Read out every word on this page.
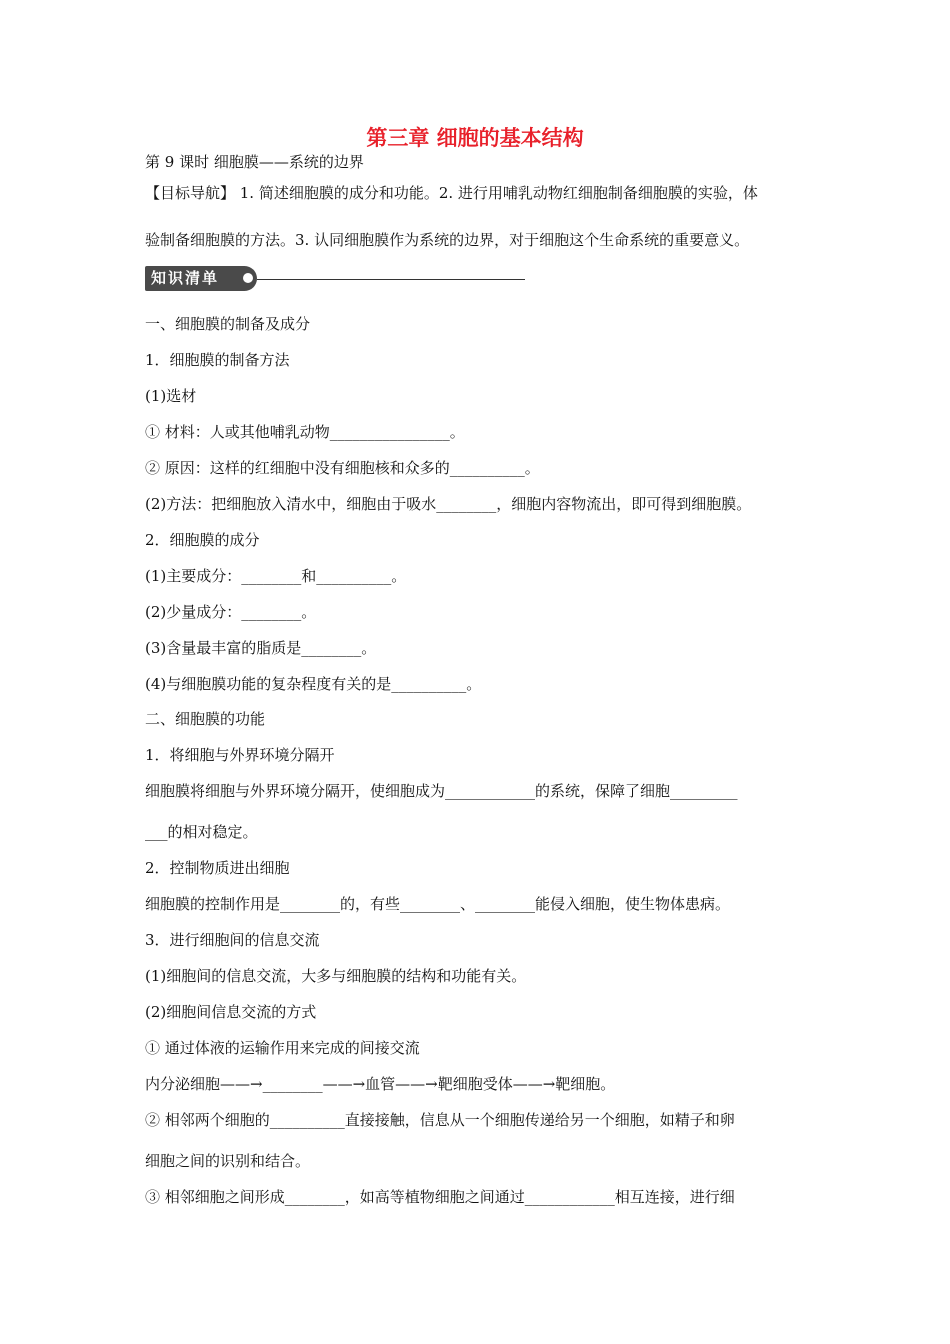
第三章 细胞的基本结构
第 9 课时 细胞膜——系统的边界
【目标导航】 1. 简述细胞膜的成分和功能。2. 进行用哺乳动物红细胞制备细胞膜的实验，体
验制备细胞膜的方法。3. 认同细胞膜作为系统的边界，对于细胞这个生命系统的重要意义。
知识清单
一、细胞膜的制备及成分
1．细胞膜的制备方法
(1)选材
① 材料：人或其他哺乳动物________________。
② 原因：这样的红细胞中没有细胞核和众多的__________。
(2)方法：把细胞放入清水中，细胞由于吸水________，细胞内容物流出，即可得到细胞膜。
2．细胞膜的成分
(1)主要成分：________和__________。
(2)少量成分：________。
(3)含量最丰富的脂质是________。
(4)与细胞膜功能的复杂程度有关的是__________。
二、细胞膜的功能
1．将细胞与外界环境分隔开
细胞膜将细胞与外界环境分隔开，使细胞成为____________的系统，保障了细胞_________
___的相对稳定。
2．控制物质进出细胞
细胞膜的控制作用是________的，有些________、________能侵入细胞，使生物体患病。
3．进行细胞间的信息交流
(1)细胞间的信息交流，大多与细胞膜的结构和功能有关。
(2)细胞间信息交流的方式
① 通过体液的运输作用来完成的间接交流
内分泌细胞——→________——→血管——→靶细胞受体——→靶细胞。
② 相邻两个细胞的__________直接接触，信息从一个细胞传递给另一个细胞，如精子和卵
细胞之间的识别和结合。
③ 相邻细胞之间形成________，如高等植物细胞之间通过____________相互连接，进行细
